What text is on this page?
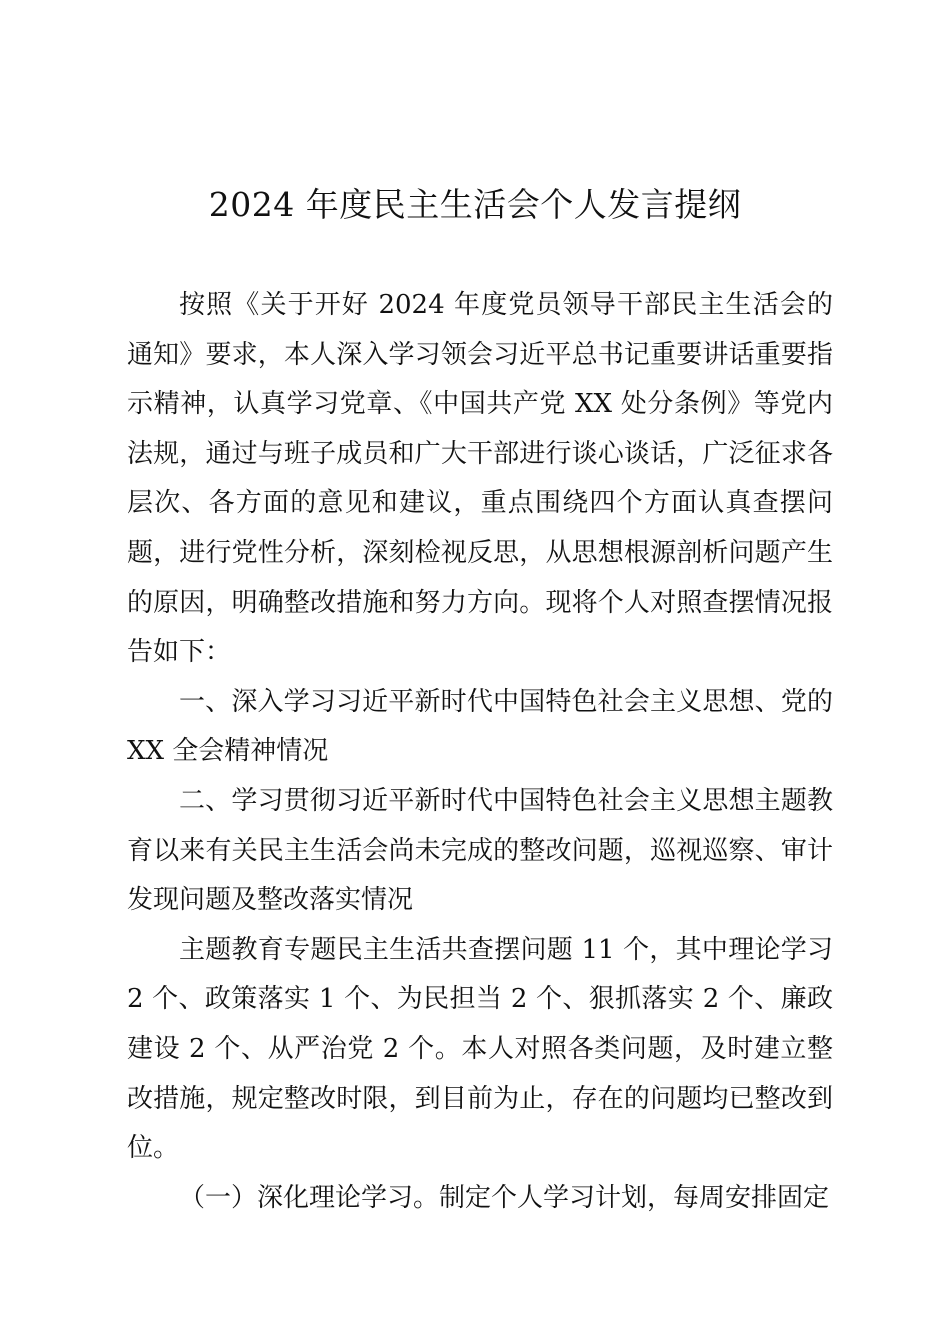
2024 年度民主生活会个人发言提纲

按照《关于开好 2024 年度党员领导干部民主生活会的通知》要求，本人深入学习领会习近平总书记重要讲话重要指示精神，认真学习党章、《中国共产党 XX 处分条例》等党内法规，通过与班子成员和广大干部进行谈心谈话，广泛征求各层次、各方面的意见和建议，重点围绕四个方面认真查摆问题，进行党性分析，深刻检视反思，从思想根源剖析问题产生的原因，明确整改措施和努力方向。现将个人对照查摆情况报告如下：

一、深入学习习近平新时代中国特色社会主义思想、党的 XX 全会精神情况

二、学习贯彻习近平新时代中国特色社会主义思想主题教育以来有关民主生活会尚未完成的整改问题，巡视巡察、审计发现问题及整改落实情况

主题教育专题民主生活共查摆问题 11 个，其中理论学习 2 个、政策落实 1 个、为民担当 2 个、狠抓落实 2 个、廉政建设 2 个、从严治党 2 个。本人对照各类问题，及时建立整改措施，规定整改时限，到目前为止，存在的问题均已整改到位。

（一）深化理论学习。制定个人学习计划，每周安排固定
